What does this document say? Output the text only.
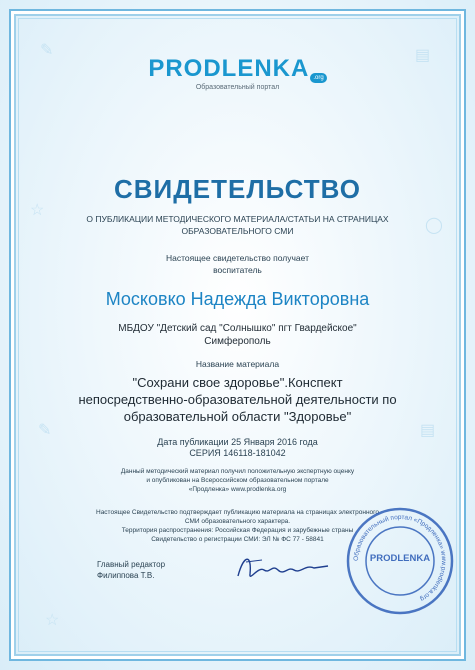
✎	▤
☆
◯
✎	▤
☆
PRODLENKA .org
Образовательный портал
СВИДЕТЕЛЬСТВО
О ПУБЛИКАЦИИ МЕТОДИЧЕСКОГО МАТЕРИАЛА/СТАТЬИ НА СТРАНИЦАХ
ОБРАЗОВАТЕЛЬНОГО СМИ
Настоящее свидетельство получает
воспитатель
Московко Надежда Викторовна
МБДОУ "Детский сад "Солнышко" пгт Гвардейское"
Симферополь
Название материала
"Сохрани свое здоровье".Конспект
непосредственно-образовательной деятельности по
образовательной области "Здоровье"
Дата публикации 25 Января 2016 года
СЕРИЯ 146118-181042
Данный методический материал получил положительную экспертную оценку
и опубликован на Всероссийском образовательном портале
«Продленка» www.prodlenka.org
Настоящее Свидетельство подтверждает публикацию материала на страницах электронного
СМИ образовательного характера.
Территория распространения: Российская Федерация и зарубежные страны
Свидетельство о регистрации СМИ: ЭЛ № ФС 77 - 58841
Главный редактор
Филиппова Т.В.
Образовательный портал «Продленка» www.prodlenka.org
PRODLENKA
